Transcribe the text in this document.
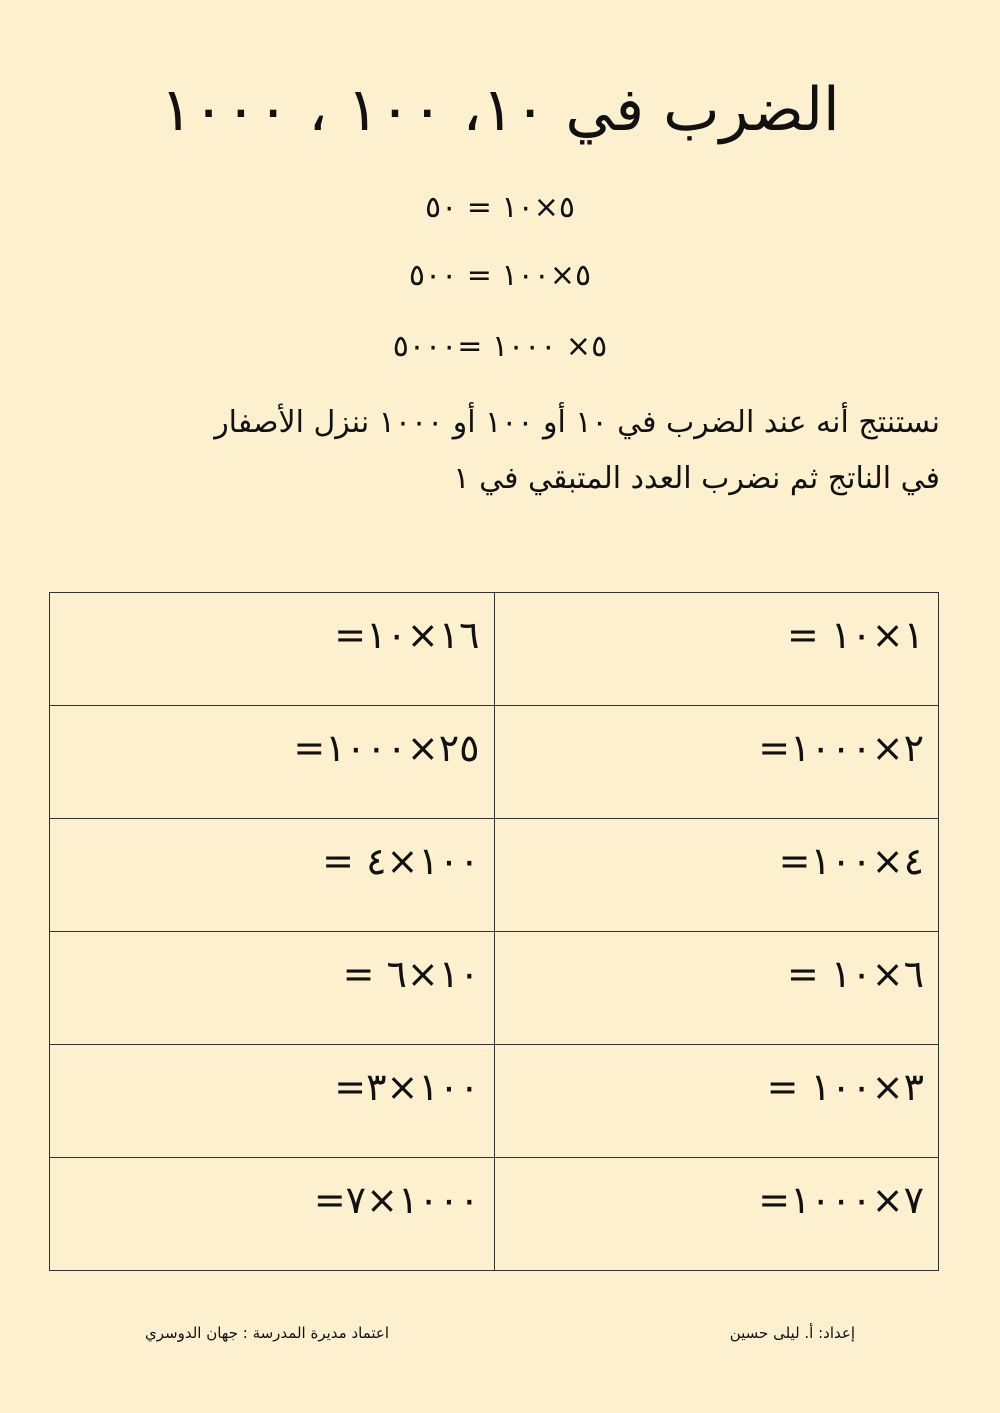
الضرب في ١٠، ١٠٠ ، ١٠٠٠
٥×١٠ = ٥٠
٥×١٠٠ = ٥٠٠
٥× ١٠٠٠ =٥٠٠٠
نستنتج أنه عند الضرب في ١٠ أو ١٠٠ أو ١٠٠٠ ننزل الأصفار
في الناتج ثم نضرب العدد المتبقي في ١
١×١٠ =	١٦×١٠=

٢×١٠٠٠=	٢٥×١٠٠٠=

٤×١٠٠=	١٠٠×٤ =

٦×١٠ =	١٠×٦ =

٣×١٠٠ =	١٠٠×٣=

٧×١٠٠٠=	١٠٠٠×٧=
إعداد: أ. ليلى حسين
اعتماد مديرة المدرسة : جهان الدوسري
